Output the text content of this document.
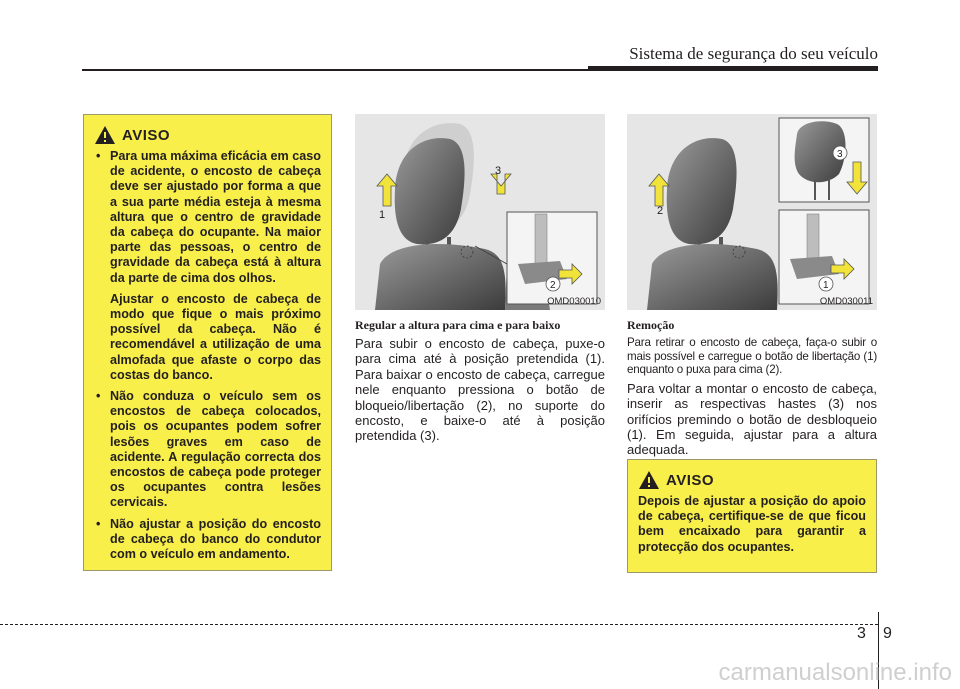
Sistema de segurança do seu veículo
AVISO
• Para uma máxima eficácia em caso de acidente, o encosto de cabeça deve ser ajustado por forma a que a sua parte média esteja à mesma altura que o centro de gravidade da cabeça do ocupante. Na maior parte das pessoas, o centro de gravidade da cabeça está à altura da parte de cima dos olhos.

Ajustar o encosto de cabeça de modo que fique o mais próximo possível da cabeça. Não é recomendável a utilização de uma almofada que afaste o corpo das costas do banco.

• Não conduza o veículo sem os encostos de cabeça colocados, pois os ocupantes podem sofrer lesões graves em caso de acidente. A regulação correcta dos encostos de cabeça pode proteger os ocupantes contra lesões cervicais.

• Não ajustar a posição do encosto de cabeça do banco do condutor com o veículo em andamento.

1
3
2
OMD030010
2
3
1
OMD030011

Regular a altura para cima e para baixo

Para subir o encosto de cabeça, puxe-o para cima até à posição pretendida (1). Para baixar o encosto de cabeça, carregue nele enquanto pressiona o botão de bloqueio/libertação (2), no suporte do encosto, e baixe-o até à posição pretendida (3).

Remoção

Para retirar o encosto de cabeça, faça-o subir o mais possível e carregue o botão de libertação (1) enquanto o puxa para cima (2).

Para voltar a montar o encosto de cabeça, inserir as respectivas hastes (3) nos orifícios premindo o botão de desbloqueio (1). Em seguida, ajustar para a altura adequada.

AVISO

Depois de ajustar a posição do apoio de cabeça, certifique-se de que ficou bem encaixado para garantir a protecção dos ocupantes.

3 9
carmanualsonline.info
